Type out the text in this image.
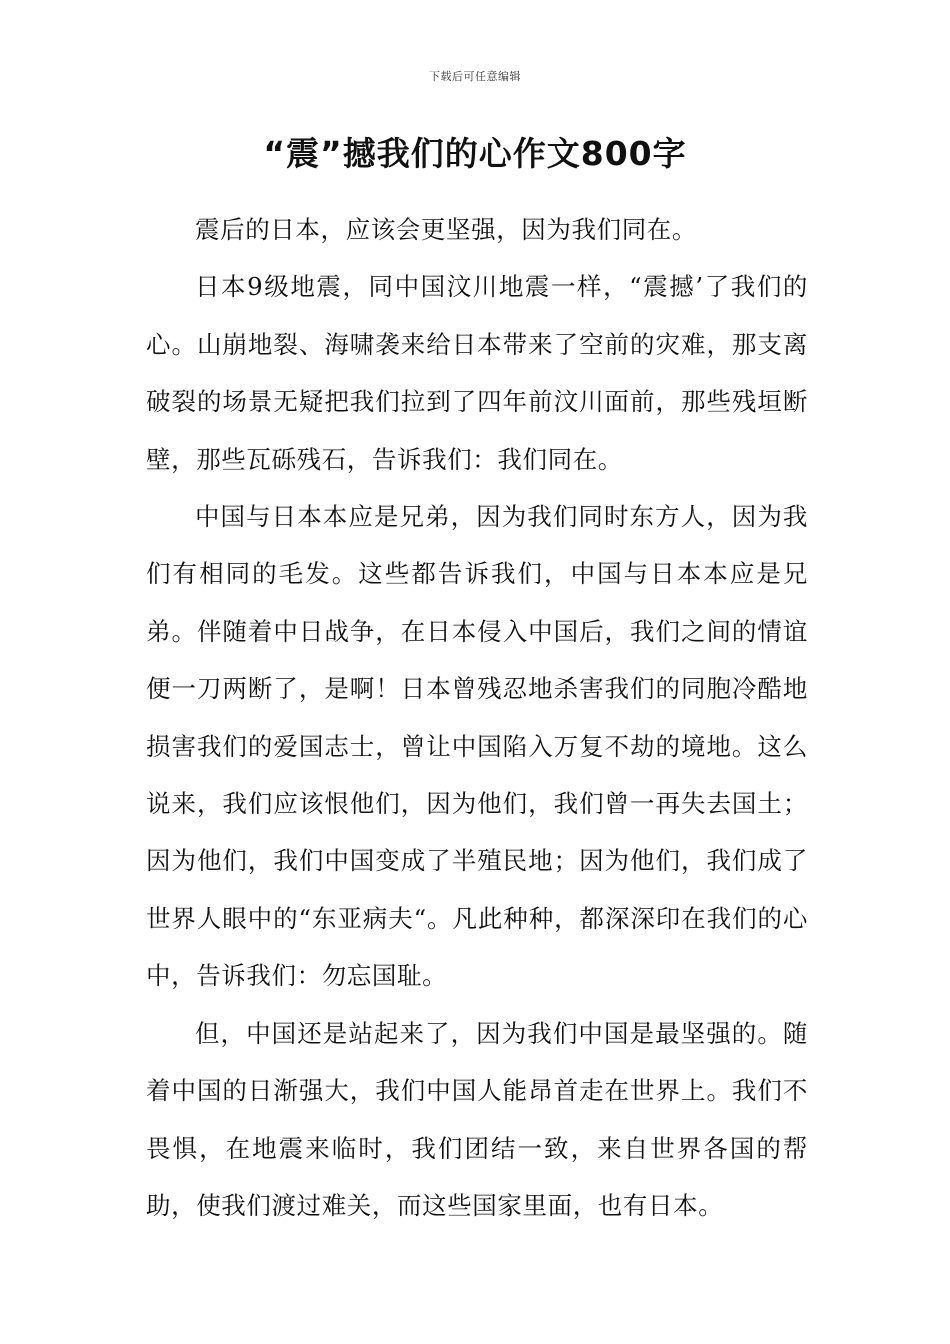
下载后可任意编辑
“震”撼我们的心作文800字

震后的日本，应该会更坚强，因为我们同在。

日本9级地震，同中国汶川地震一样，“震撼’了我们的心。山崩地裂、海啸袭来给日本带来了空前的灾难，那支离破裂的场景无疑把我们拉到了四年前汶川面前，那些残垣断壁，那些瓦砾残石，告诉我们：我们同在。

中国与日本本应是兄弟，因为我们同时东方人，因为我们有相同的毛发。这些都告诉我们，中国与日本本应是兄弟。伴随着中日战争，在日本侵入中国后，我们之间的情谊便一刀两断了，是啊！日本曾残忍地杀害我们的同胞冷酷地损害我们的爱国志士，曾让中国陷入万复不劫的境地。这么说来，我们应该恨他们，因为他们，我们曾一再失去国土；因为他们，我们中国变成了半殖民地；因为他们，我们成了世界人眼中的“东亚病夫“。凡此种种，都深深印在我们的心中，告诉我们：勿忘国耻。

但，中国还是站起来了，因为我们中国是最坚强的。随着中国的日渐强大，我们中国人能昂首走在世界上。我们不畏惧，在地震来临时，我们团结一致，来自世界各国的帮助，使我们渡过难关，而这些国家里面，也有日本。
